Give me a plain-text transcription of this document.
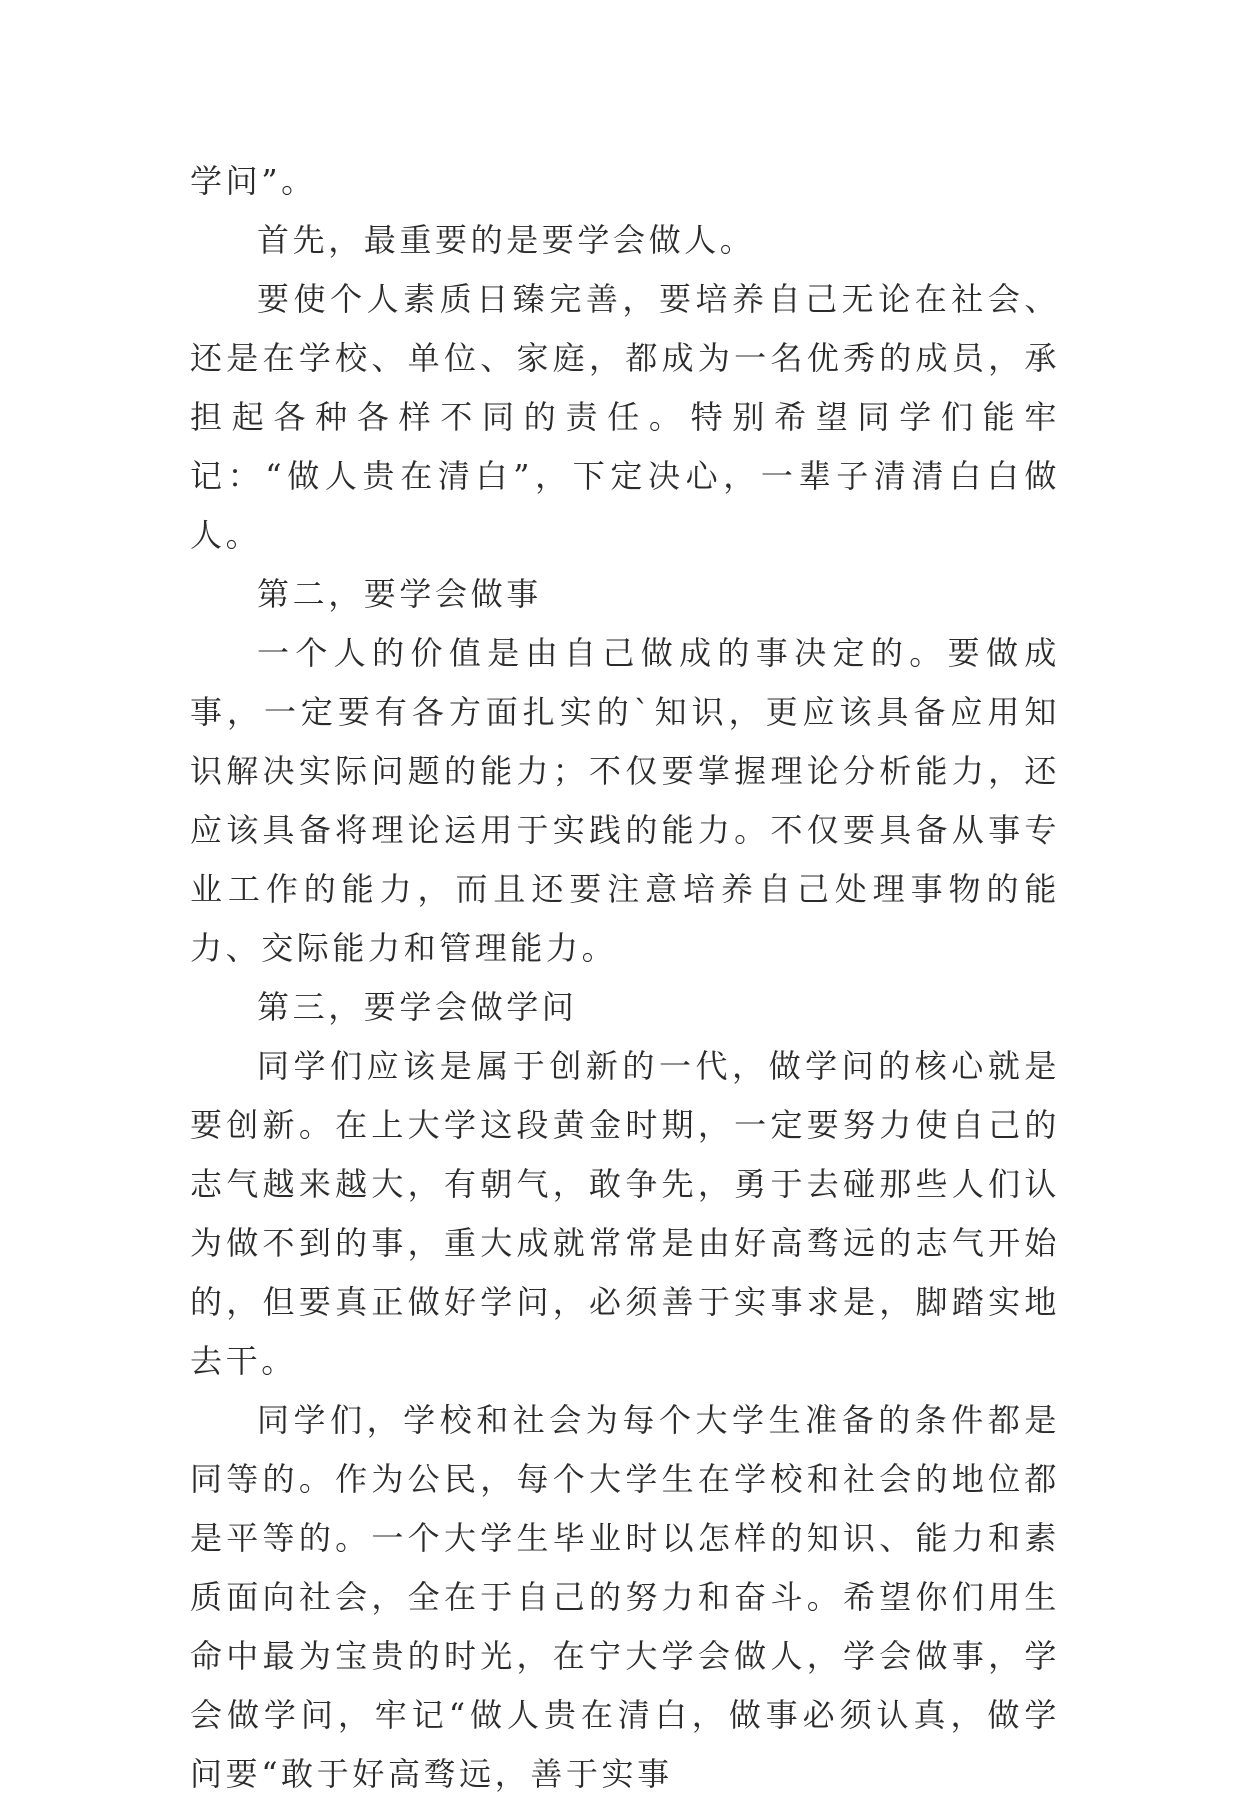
学问”。

首先，最重要的是要学会做人。

要使个人素质日臻完善，要培养自己无论在社会、还是在学校、单位、家庭，都成为一名优秀的成员，承担起各种各样不同的责任。特别希望同学们能牢记：“做人贵在清白”，下定决心，一辈子清清白白做人。

第二，要学会做事

一个人的价值是由自己做成的事决定的。要做成事，一定要有各方面扎实的`知识，更应该具备应用知识解决实际问题的能力；不仅要掌握理论分析能力，还应该具备将理论运用于实践的能力。不仅要具备从事专业工作的能力，而且还要注意培养自己处理事物的能力、交际能力和管理能力。

第三，要学会做学问

同学们应该是属于创新的一代，做学问的核心就是要创新。在上大学这段黄金时期，一定要努力使自己的志气越来越大，有朝气，敢争先，勇于去碰那些人们认为做不到的事，重大成就常常是由好高骛远的志气开始的，但要真正做好学问，必须善于实事求是，脚踏实地去干。

同学们，学校和社会为每个大学生准备的条件都是同等的。作为公民，每个大学生在学校和社会的地位都是平等的。一个大学生毕业时以怎样的知识、能力和素质面向社会，全在于自己的努力和奋斗。希望你们用生命中最为宝贵的时光，在宁大学会做人，学会做事，学会做学问，牢记“做人贵在清白，做事必须认真，做学问要“敢于好高骛远，善于实事
